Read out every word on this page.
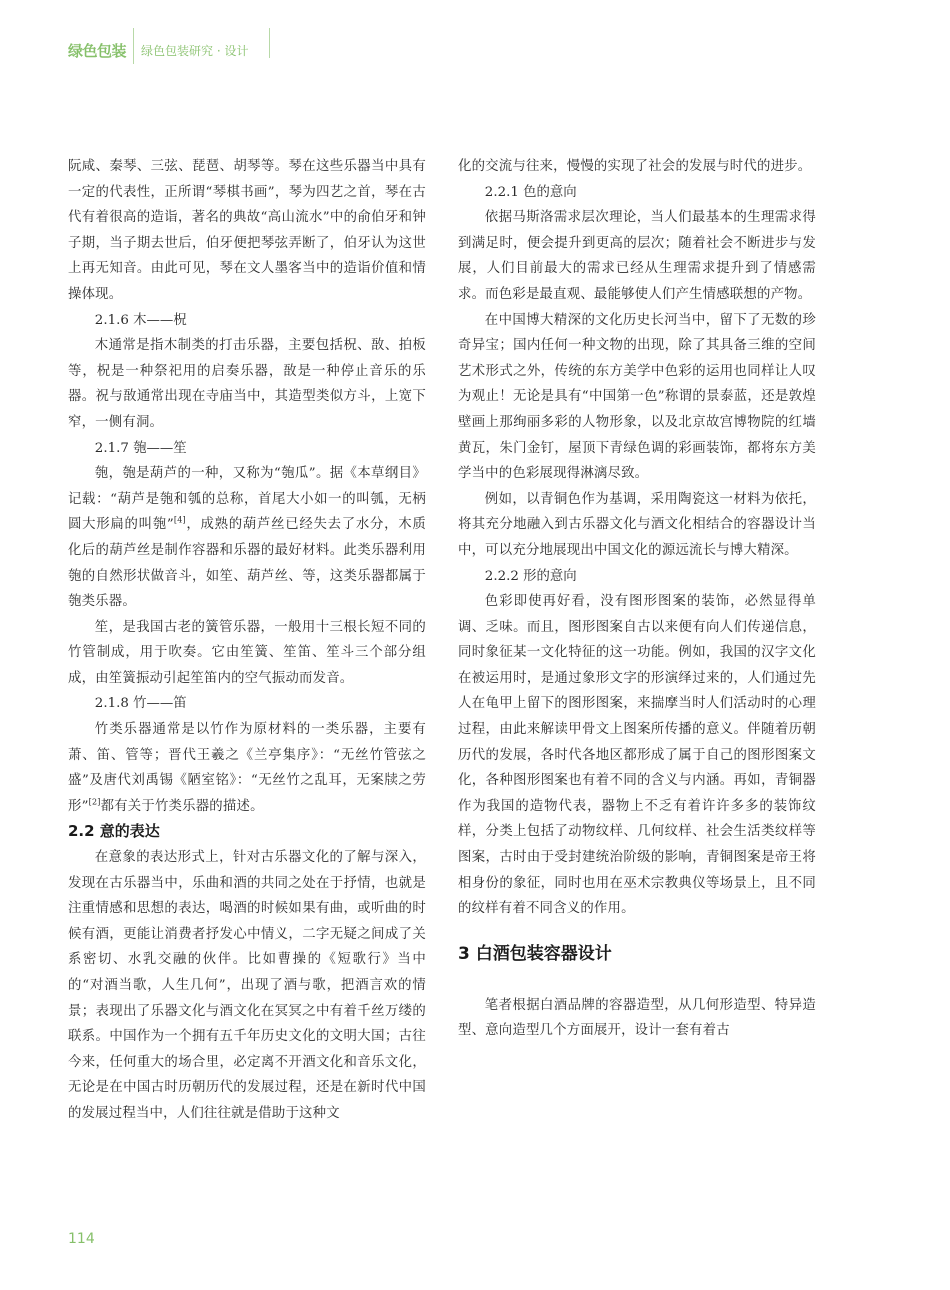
绿色包装 绿色包装研究 · 设计

阮咸、秦琴、三弦、琵琶、胡琴等。琴在这些乐器当中具有一定的代表性，正所谓“琴棋书画”，琴为四艺之首，琴在古代有着很高的造诣，著名的典故“高山流水”中的俞伯牙和钟子期，当子期去世后，伯牙便把琴弦弄断了，伯牙认为这世上再无知音。由此可见，琴在文人墨客当中的造诣价值和情操体现。

2.1.6 木——柷

木通常是指木制类的打击乐器，主要包括柷、敔、拍板等，柷是一种祭祀用的启奏乐器，敔是一种停止音乐的乐器。祝与敔通常出现在寺庙当中，其造型类似方斗，上宽下窄，一侧有洞。

2.1.7 匏——笙

匏，匏是葫芦的一种，又称为“匏瓜”。据《本草纲目》记载：“葫芦是匏和瓠的总称，首尾大小如一的叫瓠，无柄圆大形扁的叫匏”[4]，成熟的葫芦丝已经失去了水分，木质化后的葫芦丝是制作容器和乐器的最好材料。此类乐器利用匏的自然形状做音斗，如笙、葫芦丝、等，这类乐器都属于匏类乐器。

笙，是我国古老的簧管乐器，一般用十三根长短不同的竹管制成，用于吹奏。它由笙簧、笙笛、笙斗三个部分组成，由笙簧振动引起笙笛内的空气振动而发音。

2.1.8 竹——笛

竹类乐器通常是以竹作为原材料的一类乐器，主要有萧、笛、管等；晋代王羲之《兰亭集序》：“无丝竹管弦之盛”及唐代刘禹锡《陋室铭》：“无丝竹之乱耳，无案牍之劳形”[2]都有关于竹类乐器的描述。

2.2 意的表达

在意象的表达形式上，针对古乐器文化的了解与深入，发现在古乐器当中，乐曲和酒的共同之处在于抒情，也就是注重情感和思想的表达，喝酒的时候如果有曲，或听曲的时候有酒，更能让消费者抒发心中情义，二字无疑之间成了关系密切、水乳交融的伙伴。比如曹操的《短歌行》当中的“对酒当歌，人生几何”，出现了酒与歌，把酒言欢的情景；表现出了乐器文化与酒文化在冥冥之中有着千丝万缕的联系。中国作为一个拥有五千年历史文化的文明大国；古往今来，任何重大的场合里，必定离不开酒文化和音乐文化，无论是在中国古时历朝历代的发展过程，还是在新时代中国的发展过程当中，人们往往就是借助于这种文

化的交流与往来，慢慢的实现了社会的发展与时代的进步。

2.2.1 色的意向

依据马斯洛需求层次理论，当人们最基本的生理需求得到满足时，便会提升到更高的层次；随着社会不断进步与发展，人们目前最大的需求已经从生理需求提升到了情感需求。而色彩是最直观、最能够使人们产生情感联想的产物。

在中国博大精深的文化历史长河当中，留下了无数的珍奇异宝；国内任何一种文物的出现，除了其具备三维的空间艺术形式之外，传统的东方美学中色彩的运用也同样让人叹为观止！无论是具有“中国第一色”称谓的景泰蓝，还是敦煌壁画上那绚丽多彩的人物形象，以及北京故宫博物院的红墙黄瓦，朱门金钉，屋顶下青绿色调的彩画装饰，都将东方美学当中的色彩展现得淋漓尽致。

例如，以青铜色作为基调，采用陶瓷这一材料为依托，将其充分地融入到古乐器文化与酒文化相结合的容器设计当中，可以充分地展现出中国文化的源远流长与博大精深。

2.2.2 形的意向

色彩即使再好看，没有图形图案的装饰，必然显得单调、乏味。而且，图形图案自古以来便有向人们传递信息，同时象征某一文化特征的这一功能。例如，我国的汉字文化在被运用时，是通过象形文字的形演绎过来的，人们通过先人在龟甲上留下的图形图案，来揣摩当时人们活动时的心理过程，由此来解读甲骨文上图案所传播的意义。伴随着历朝历代的发展，各时代各地区都形成了属于自己的图形图案文化，各种图形图案也有着不同的含义与内涵。再如，青铜器作为我国的造物代表，器物上不乏有着许许多多的装饰纹样，分类上包括了动物纹样、几何纹样、社会生活类纹样等图案，古时由于受封建统治阶级的影响，青铜图案是帝王将相身份的象征，同时也用在巫术宗教典仪等场景上，且不同的纹样有着不同含义的作用。

3 白酒包装容器设计

笔者根据白酒品牌的容器造型，从几何形造型、特异造型、意向造型几个方面展开，设计一套有着古

114
